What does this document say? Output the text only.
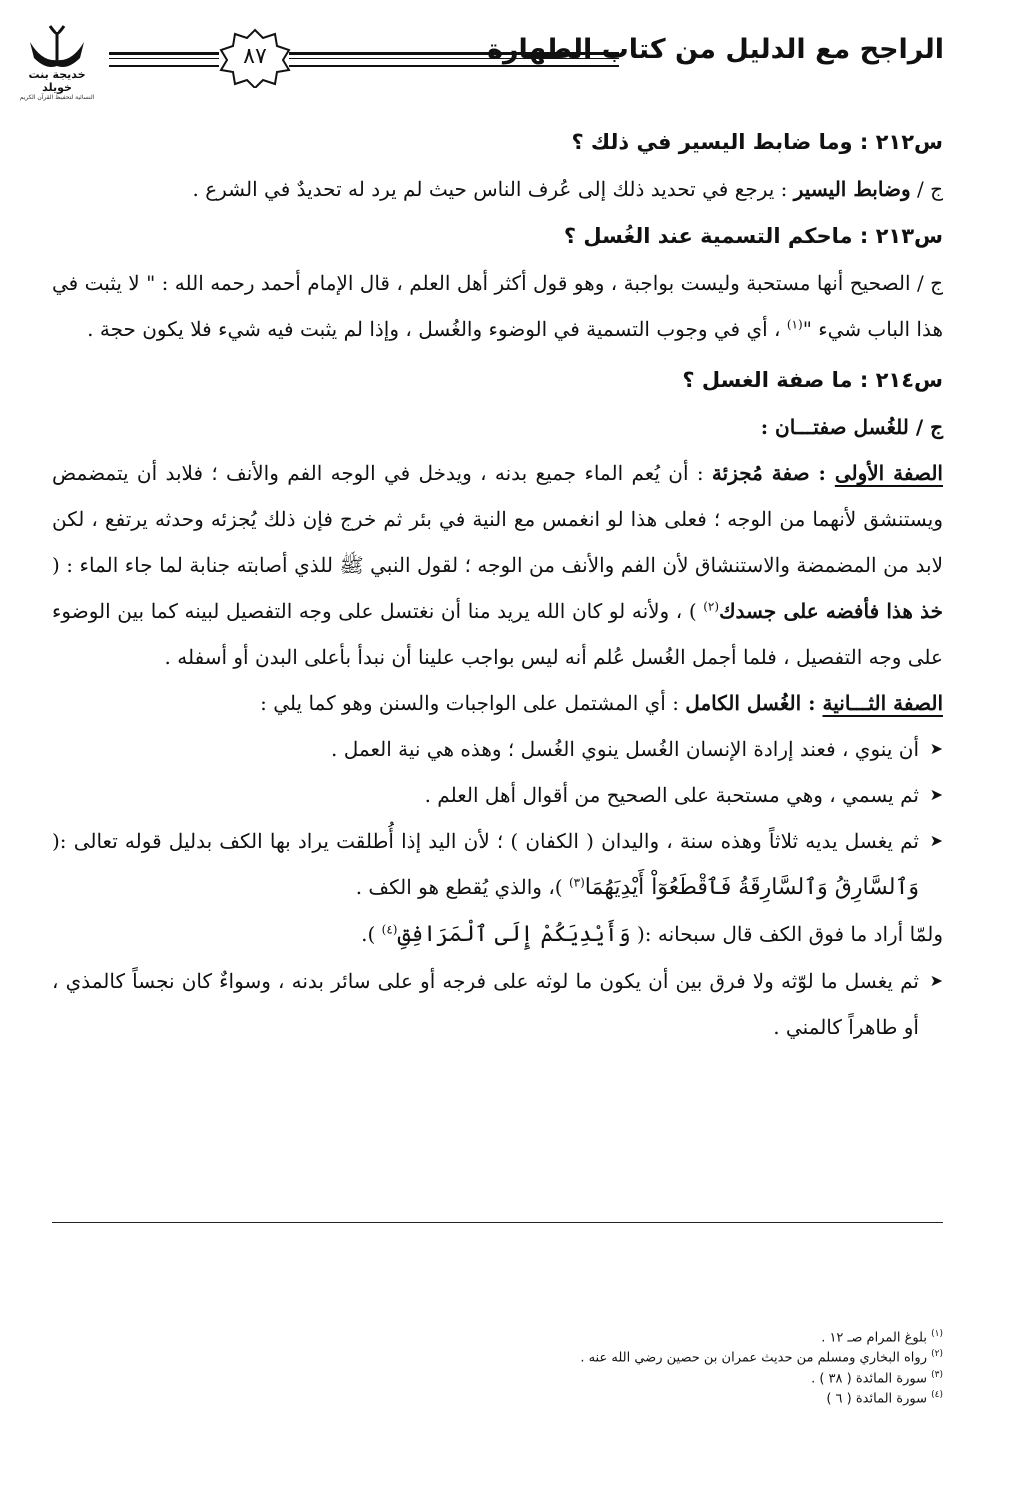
خديجة بنت خويلد
النسائية لتحفيظ القرآن الكريم
٨٧	الراجح مع الدليل من كتاب الطهارة

س٢١٢ : وما ضابط اليسير في ذلك ؟

ج / وضابط اليسير : يرجع في تحديد ذلك إلى عُرف الناس حيث لم يرد له تحديدٌ في الشرع .

س٢١٣ : ماحكم التسمية عند الغُسل ؟

ج / الصحيح أنها مستحبة وليست بواجبة ، وهو قول أكثر أهل العلم ، قال الإمام أحمد رحمه الله : " لا يثبت في هذا الباب شيء "$^{(١)}$ ، أي في وجوب التسمية في الوضوء والغُسل ، وإذا لم يثبت فيه شيء فلا يكون حجة .

س٢١٤ : ما صفة الغسل ؟

ج / للغُسل صفتـــان :

الصفة الأولى : صفة مُجزئة : أن يُعم الماء جميع بدنه ، ويدخل في الوجه الفم والأنف ؛ فلابد أن يتمضمض ويستنشق لأنهما من الوجه ؛ فعلى هذا لو انغمس مع النية في بئر ثم خرج فإن ذلك يُجزئه وحدثه يرتفع ، لكن لابد من المضمضة والاستنشاق لأن الفم والأنف من الوجه ؛ لقول النبي ﷺ للذي أصابته جنابة لما جاء الماء : ( خذ هذا فأفضه على جسدك$^{(٢)}$ ) ، ولأنه لو كان الله يريد منا أن نغتسل على وجه التفصيل لبينه كما بين الوضوء على وجه التفصيل ، فلما أجمل الغُسل عُلم أنه ليس بواجب علينا أن نبدأ بأعلى البدن أو أسفله .

الصفة الثـــانية : الغُسل الكامل : أي المشتمل على الواجبات والسنن وهو كما يلي :

➤
أن ينوي ، فعند إرادة الإنسان الغُسل ينوي الغُسل ؛ وهذه هي نية العمل .
➤
ثم يسمي ، وهي مستحبة على الصحيح من أقوال أهل العلم .
➤
ثم يغسل يديه ثلاثاً وهذه سنة ، واليدان ( الكفان ) ؛ لأن اليد إذا أُطلقت يراد بها الكف بدليل قوله تعالى :( وَٱلسَّارِقُ وَٱلسَّارِقَةُ فَٱقْطَعُوٓاْ أَيْدِيَهُمَا$^{(٣)}$ )، والذي يُقطع هو الكف .

ولمّا أراد ما فوق الكف قال سبحانه :( وَأَيْدِيَكُمْ إِلَى ٱلْمَرَافِقِ$^{(٤)}$ ).

➤
ثم يغسل ما لوّثه ولا فرق بين أن يكون ما لوثه على فرجه أو على سائر بدنه ، وسواءٌ كان نجساً كالمذي ، أو طاهراً كالمني .
$^{(١)}$ بلوغ المرام صـ ١٢ .
$^{(٢)}$ رواه البخاري ومسلم من حديث عمران بن حصين رضي الله عنه .
$^{(٣)}$ سورة المائدة ( ٣٨ ) .
$^{(٤)}$ سورة المائدة ( ٦ )
